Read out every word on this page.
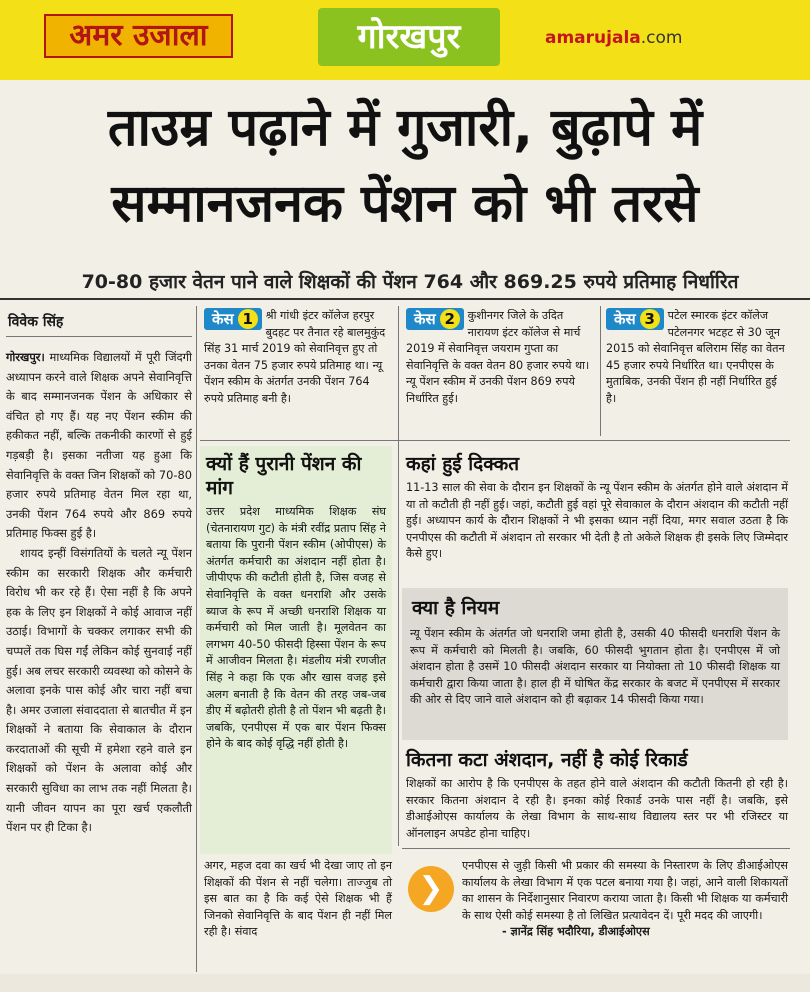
अमर उजाला	गोरखपुर	amarujala.com
ताउम्र पढ़ाने में गुजारी, बुढ़ापे में
सम्मानजनक पेंशन को भी तरसे
70-80 हजार वेतन पाने वाले शिक्षकों की पेंशन 764 और 869.25 रुपये प्रतिमाह निर्धारित
विवेक सिंह
गोरखपुर। माध्यमिक विद्यालयों में पूरी जिंदगी अध्यापन करने वाले शिक्षक अपने सेवानिवृत्ति के बाद सम्मानजनक पेंशन के अधिकार से वंचित हो गए हैं। यह नए पेंशन स्कीम की हकीकत नहीं, बल्कि तकनीकी कारणों से हुई गड़बड़ी है। इसका नतीजा यह हुआ कि सेवानिवृत्ति के वक्त जिन शिक्षकों को 70-80 हजार रुपये प्रतिमाह वेतन मिल रहा था, उनकी पेंशन 764 रुपये और 869 रुपये प्रतिमाह फिक्स हुई है।
शायद इन्हीं विसंगतियों के चलते न्यू पेंशन स्कीम का सरकारी शिक्षक और कर्मचारी विरोध भी कर रहे हैं। ऐसा नहीं है कि अपने हक के लिए इन शिक्षकों ने कोई आवाज नहीं उठाई। विभागों के चक्कर लगाकर सभी की चप्पलें तक घिस गईं लेकिन कोई सुनवाई नहीं हुई। अब लचर सरकारी व्यवस्था को कोसने के अलावा इनके पास कोई और चारा नहीं बचा है। अमर उजाला संवाददाता से बातचीत में इन शिक्षकों ने बताया कि सेवाकाल के दौरान करदाताओं की सूची में हमेशा रहने वाले इन शिक्षकों को पेंशन के अलावा कोई और सरकारी सुविधा का लाभ तक नहीं मिलता है। यानी जीवन यापन का पूरा खर्च एकलौती पेंशन पर ही टिका है।
केस 1	श्री गांधी इंटर कॉलेज हरपुर बुदहट पर तैनात रहे बालमुकुंद सिंह 31 मार्च 2019 को सेवानिवृत्त हुए तो उनका वेतन 75 हजार रुपये प्रतिमाह था। न्यू पेंशन स्कीम के अंतर्गत उनकी पेंशन 764 रुपये प्रतिमाह बनी है।
केस 2	कुशीनगर जिले के उदित नारायण इंटर कॉलेज से मार्च 2019 में सेवानिवृत्त जयराम गुप्ता का सेवानिवृत्ति के वक्त वेतन 80 हजार रुपये था। न्यू पेंशन स्कीम में उनकी पेंशन 869 रुपये निर्धारित हुई।
केस 3	पटेल स्मारक इंटर कॉलेज पटेलनगर भटहट से 30 जून 2015 को सेवानिवृत्त बलिराम सिंह का वेतन 45 हजार रुपये निर्धारित था। एनपीएस के मुताबिक, उनकी पेंशन ही नहीं निर्धारित हुई है।
क्यों हैं पुरानी पेंशन की मांग
उत्तर प्रदेश माध्यमिक शिक्षक संघ (चेतनारायण गुट) के मंत्री रवींद्र प्रताप सिंह ने बताया कि पुरानी पेंशन स्कीम (ओपीएस) के अंतर्गत कर्मचारी का अंशदान नहीं होता है। जीपीएफ की कटौती होती है, जिस वजह से सेवानिवृत्ति के वक्त धनराशि और उसके ब्याज के रूप में अच्छी धनराशि शिक्षक या कर्मचारी को मिल जाती है। मूलवेतन का लगभग 40-50 फीसदी हिस्सा पेंशन के रूप में आजीवन मिलता है। मंडलीय मंत्री रणजीत सिंह ने कहा कि एक और खास वजह इसे अलग बनाती है कि वेतन की तरह जब-जब डीए में बढ़ोतरी होती है तो पेंशन भी बढ़ती है। जबकि, एनपीएस में एक बार पेंशन फिक्स होने के बाद कोई वृद्धि नहीं होती है।
अगर, महज दवा का खर्च भी देखा जाए तो इन शिक्षकों की पेंशन से नहीं चलेगा। ताज्जुब तो इस बात का है कि कई ऐसे शिक्षक भी हैं जिनको सेवानिवृत्ति के बाद पेंशन ही नहीं मिल रही है। संवाद
कहां हुई दिक्कत
11-13 साल की सेवा के दौरान इन शिक्षकों के न्यू पेंशन स्कीम के अंतर्गत होने वाले अंशदान में या तो कटौती ही नहीं हुई। जहां, कटौती हुई वहां पूरे सेवाकाल के दौरान अंशदान की कटौती नहीं हुई। अध्यापन कार्य के दौरान शिक्षकों ने भी इसका ध्यान नहीं दिया, मगर सवाल उठता है कि एनपीएस की कटौती में अंशदान तो सरकार भी देती है तो अकेले शिक्षक ही इसके लिए जिम्मेदार कैसे हुए।
क्या है नियम
न्यू पेंशन स्कीम के अंतर्गत जो धनराशि जमा होती है, उसकी 40 फीसदी धनराशि पेंशन के रूप में कर्मचारी को मिलती है। जबकि, 60 फीसदी भुगतान होता है। एनपीएस में जो अंशदान होता है उसमें 10 फीसदी अंशदान सरकार या नियोक्ता तो 10 फीसदी शिक्षक या कर्मचारी द्वारा किया जाता है। हाल ही में घोषित केंद्र सरकार के बजट में एनपीएस में सरकार की ओर से दिए जाने वाले अंशदान को ही बढ़ाकर 14 फीसदी किया गया।
कितना कटा अंशदान, नहीं है कोई रिकार्ड
शिक्षकों का आरोप है कि एनपीएस के तहत होने वाले अंशदान की कटौती कितनी हो रही है। सरकार कितना अंशदान दे रही है। इनका कोई रिकार्ड उनके पास नहीं है। जबकि, इसे डीआईओएस कार्यालय के लेखा विभाग के साथ-साथ विद्यालय स्तर पर भी रजिस्टर या ऑनलाइन अपडेट होना चाहिए।
❯
एनपीएस से जुड़ी किसी भी प्रकार की समस्या के निस्तारण के लिए डीआईओएस कार्यालय के लेखा विभाग में एक पटल बनाया गया है। जहां, आने वाली शिकायतों का शासन के निर्देशानुसार निवारण कराया जाता है। किसी भी शिक्षक या कर्मचारी के साथ ऐसी कोई समस्या है तो लिखित प्रत्यावेदन दें। पूरी मदद की जाएगी।
- ज्ञानेंद्र सिंह भदौरिया, डीआईओएस
